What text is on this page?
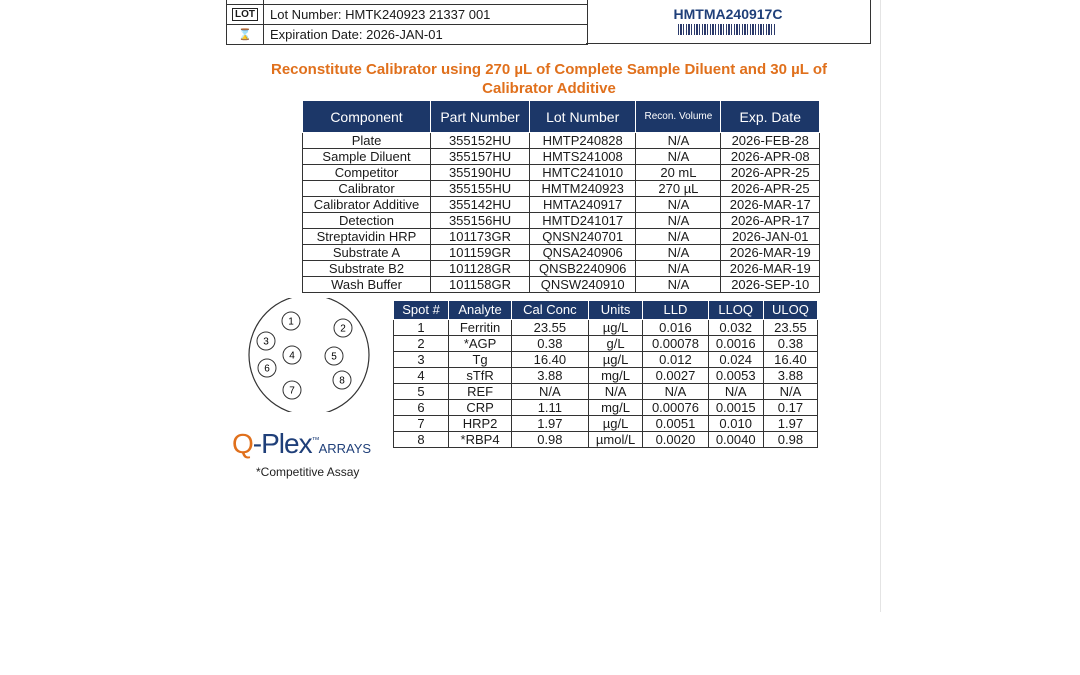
LOT	Lot Number: HMTK240923 21337 001
⌛	Expiration Date: 2026-JAN-01
HMTMA240917C
Reconstitute Calibrator using 270 µL of Complete Sample Diluent and 30 µL of Calibrator Additive
Component	Part Number	Lot Number	Recon. Volume	Exp. Date
Plate	355152HU	HMTP240828	N/A	2026-FEB-28
Sample Diluent	355157HU	HMTS241008	N/A	2026-APR-08
Competitor	355190HU	HMTC241010	20 mL	2026-APR-25
Calibrator	355155HU	HMTM240923	270 µL	2026-APR-25
Calibrator Additive	355142HU	HMTA240917	N/A	2026-MAR-17
Detection	355156HU	HMTD241017	N/A	2026-APR-17
Streptavidin HRP	101173GR	QNSN240701	N/A	2026-JAN-01
Substrate A	101159GR	QNSA240906	N/A	2026-MAR-19
Substrate B2	101128GR	QNSB2240906	N/A	2026-MAR-19
Wash Buffer	101158GR	QNSW240910	N/A	2026-SEP-10
1
2
3
4	5
6
7
8
Q-Plex™ARRAYS
*Competitive Assay
Spot #	Analyte	Cal Conc	Units	LLD	LLOQ	ULOQ
1	Ferritin	23.55	µg/L	0.016	0.032	23.55
2	*AGP	0.38	g/L	0.00078	0.0016	0.38
3	Tg	16.40	µg/L	0.012	0.024	16.40
4	sTfR	3.88	mg/L	0.0027	0.0053	3.88
5	REF	N/A	N/A	N/A	N/A	N/A
6	CRP	1.11	mg/L	0.00076	0.0015	0.17
7	HRP2	1.97	µg/L	0.0051	0.010	1.97
8	*RBP4	0.98	µmol/L	0.0020	0.0040	0.98
